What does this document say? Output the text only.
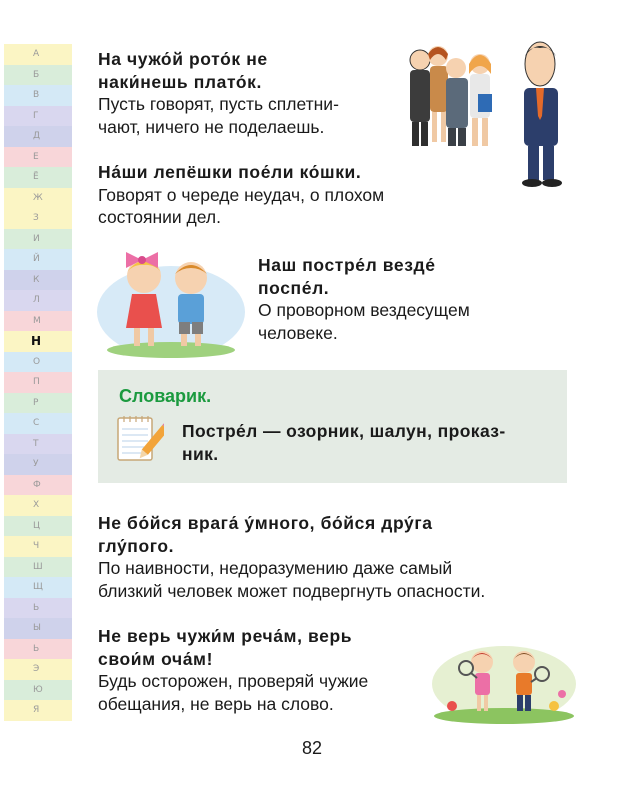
А
Б
В
Г
Д
Е
Ё
Ж
З
И
Й
К
Л
М
Н
О
П
Р
С
Т
У
Ф
Х
Ц
Ч
Ш
Щ
Ь
Ы
Ь
Э
Ю
Я
На чужо́й рото́к не
наки́нешь плато́к.
Пусть говорят, пусть сплетни-
чают, ничего не поделаешь.
На́ши лепёшки пое́ли ко́шки.
Говорят о череде неудач, о плохом
состоянии дел.
Наш постре́л везде́
поспе́л.
О проворном вездесущем
человеке.
Словарик.
Постре́л — озорник, шалун, проказ-
ник.
Не бо́йся врага́ у́много, бо́йся дру́га
глу́пого.
По наивности, недоразумению даже самый
близкий человек может подвергнуть опасности.
Не верь чужи́м реча́м, верь
свои́м оча́м!
Будь осторожен, проверяй чужие
обещания, не верь на слово.
82
